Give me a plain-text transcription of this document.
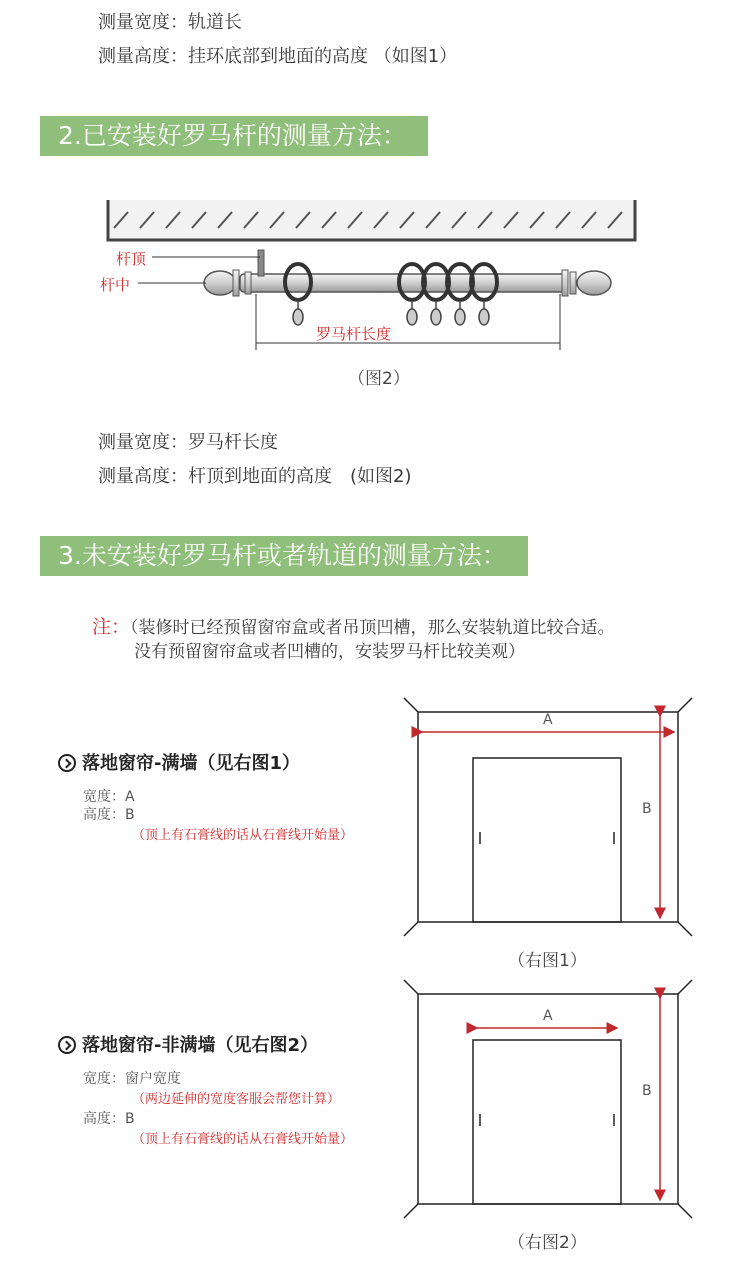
测量宽度：轨道长
测量高度：挂环底部到地面的高度 （如图1）
2.已安装好罗马杆的测量方法：
杆顶
杆中
罗马杆长度
（图2）
测量宽度：罗马杆长度
测量高度：杆顶到地面的高度　(如图2)
3.未安装好罗马杆或者轨道的测量方法：
注：（装修时已经预留窗帘盒或者吊顶凹槽，那么安装轨道比较合适。
没有预留窗帘盒或者凹槽的，安装罗马杆比较美观）
落地窗帘-满墙（见右图1）
宽度：A
高度：B
（顶上有石膏线的话从石膏线开始量）
A
B
（右图1）
落地窗帘-非满墙（见右图2）
宽度：窗户宽度
（两边延伸的宽度客服会帮您计算）
高度：B
（顶上有石膏线的话从石膏线开始量）
A
B
（右图2）
